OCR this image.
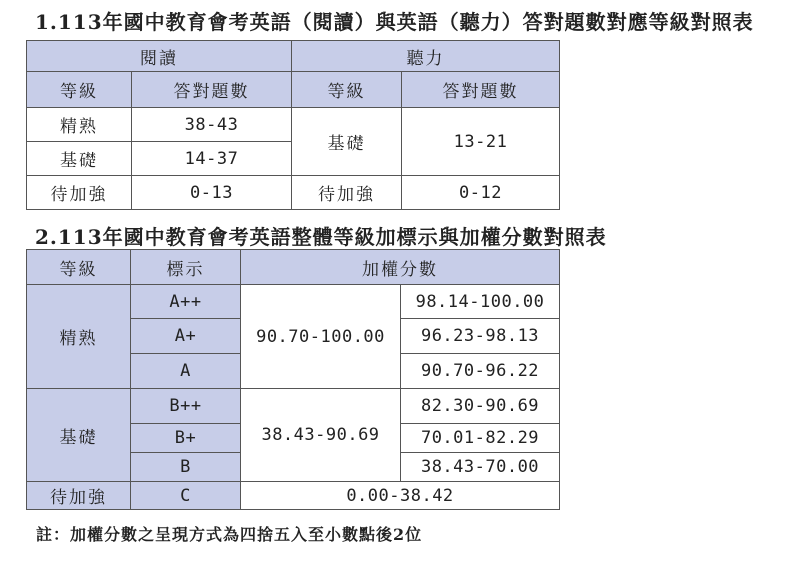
1.113年國中教育會考英語（閱讀）與英語（聽力）答對題數對應等級對照表
閱讀		聽力	
等級	答對題數	等級	答對題數
精熟	38-43	基礎	13-21
基礎	14-37		
待加強	0-13	待加強	0-12
2.113年國中教育會考英語整體等級加標示與加權分數對照表
等級	標示	加權分數	
精熟	A++	90.70-100.00	98.14-100.00
	A+		96.23-98.13
	A		90.70-96.22
基礎	B++	38.43-90.69	82.30-90.69
	B+		70.01-82.29
	B		38.43-70.00
待加強	C	0.00-38.42	

註：加權分數之呈現方式為四捨五入至小數點後2位
